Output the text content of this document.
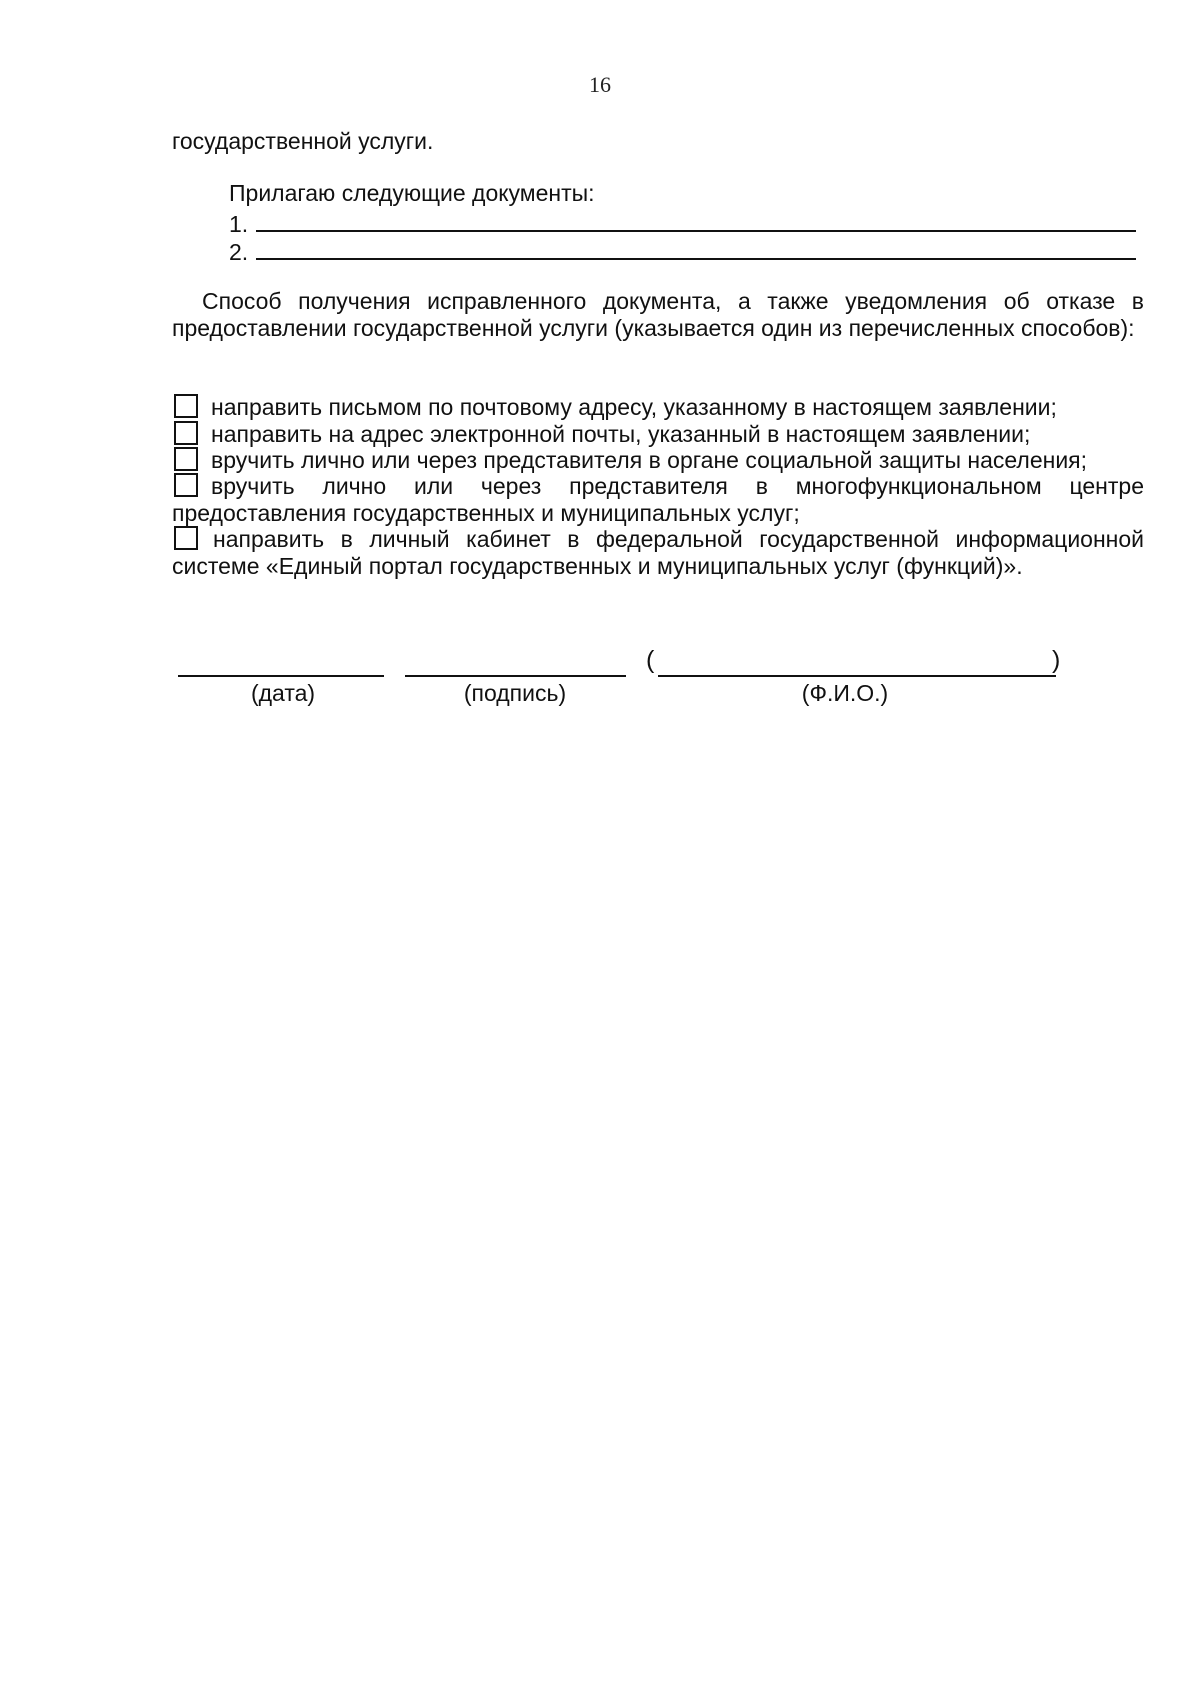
16
государственной услуги.
Прилагаю следующие документы:
1.
2.
Способ получения исправленного документа, а также уведомления об отказе в предоставлении государственной услуги (указывается один из перечисленных способов):
направить письмом по почтовому адресу, указанному в настоящем заявлении;
направить на адрес электронной почты, указанный в настоящем заявлении;
вручить лично или через представителя в органе социальной защиты населения;
вручить лично или через представителя в многофункциональном центре предоставления государственных и муниципальных услуг;
направить в личный кабинет в федеральной государственной информационной системе «Единый портал государственных и муниципальных услуг (функций)».
(	)
(дата)	(подпись)	(Ф.И.О.)
